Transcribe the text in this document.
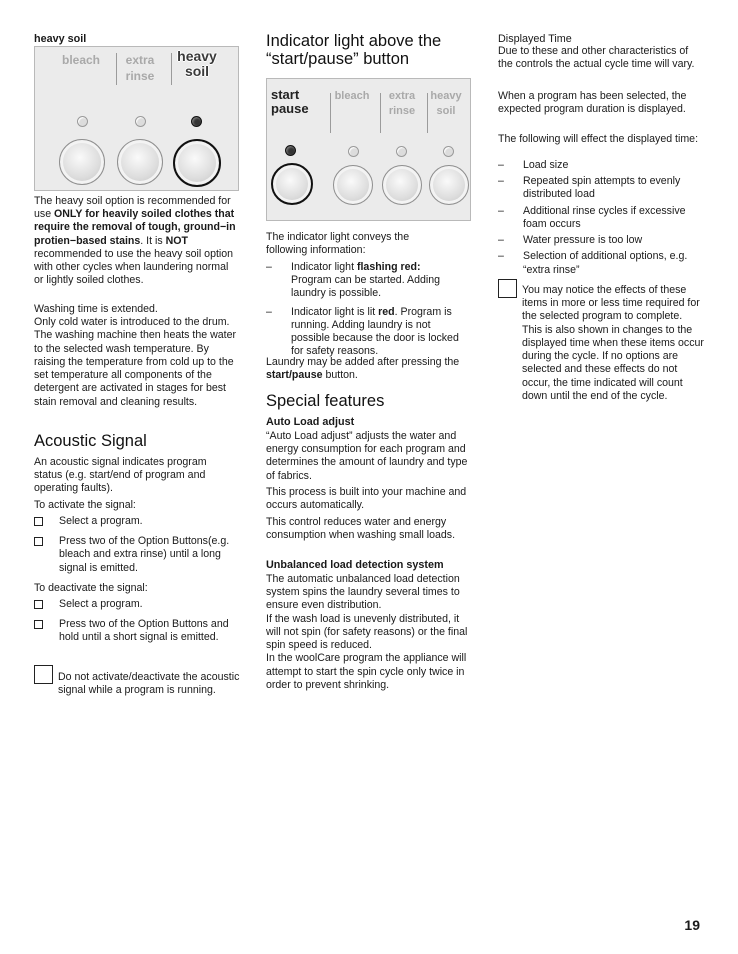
heavy soil

bleach	extra
rinse
heavy
soil

The heavy soil option is recommended for use ONLY for heavily soiled clothes that require the removal of tough, ground−in protien−based stains. It is NOT recommended to use the heavy soil option with other cycles when laundering normal or lightly soiled clothes.

Washing time is extended.
Only cold water is introduced to the drum. The washing machine then heats the water to the selected wash temperature. By raising the temperature from cold up to the set temperature all components of the detergent are activated in stages for best stain removal and cleaning results.

Acoustic Signal

An acoustic signal indicates program status (e.g. start/end of program and operating faults).

To activate the signal:

Select a program.
Press two of the Option Buttons(e.g. bleach and extra rinse) until a long signal is emitted.

To deactivate the signal:

Select a program.
Press two of the Option Buttons and hold until a short signal is emitted.

Do not activate/deactivate the acoustic signal while a program is running.

Indicator light above the “start/pause” button
start
pause
bleach	extra
rinse
heavy
soil

The indicator light conveys the following information:

– Indicator light flashing red:
Program can be started. Adding laundry is possible.
– Indicator light is lit red. Program is running. Adding laundry is not possible because the door is locked for safety reasons.

Laundry may be added after pressing the start/pause button.

Special features
Auto Load adjust

“Auto Load adjust” adjusts the water and energy consumption for each program and determines the amount of laundry and type of fabrics.

This process is built into your machine and occurs automatically.

This control reduces water and energy consumption when washing small loads.

Unbalanced load detection system

The automatic unbalanced load detection system spins the laundry several times to ensure even distribution.
If the wash load is unevenly distributed, it will not spin (for safety reasons) or the final spin speed is reduced.
In the woolCare program the appliance will attempt to start the spin cycle only twice in order to prevent shrinking.

Displayed Time

Due to these and other characteristics of the controls the actual cycle time will vary.

When a program has been selected, the expected program duration is displayed.

The following will effect the displayed time:

– Load size
– Repeated spin attempts to evenly distributed load
– Additional rinse cycles if excessive foam occurs
– Water pressure is too low
– Selection of additional options, e.g. “extra rinse”

You may notice the effects of these items in more or less time required for the selected program to complete. This is also shown in changes to the displayed time when these items occur during the cycle. If no options are selected and these effects do not occur, the time indicated will count down until the end of the cycle.

19
